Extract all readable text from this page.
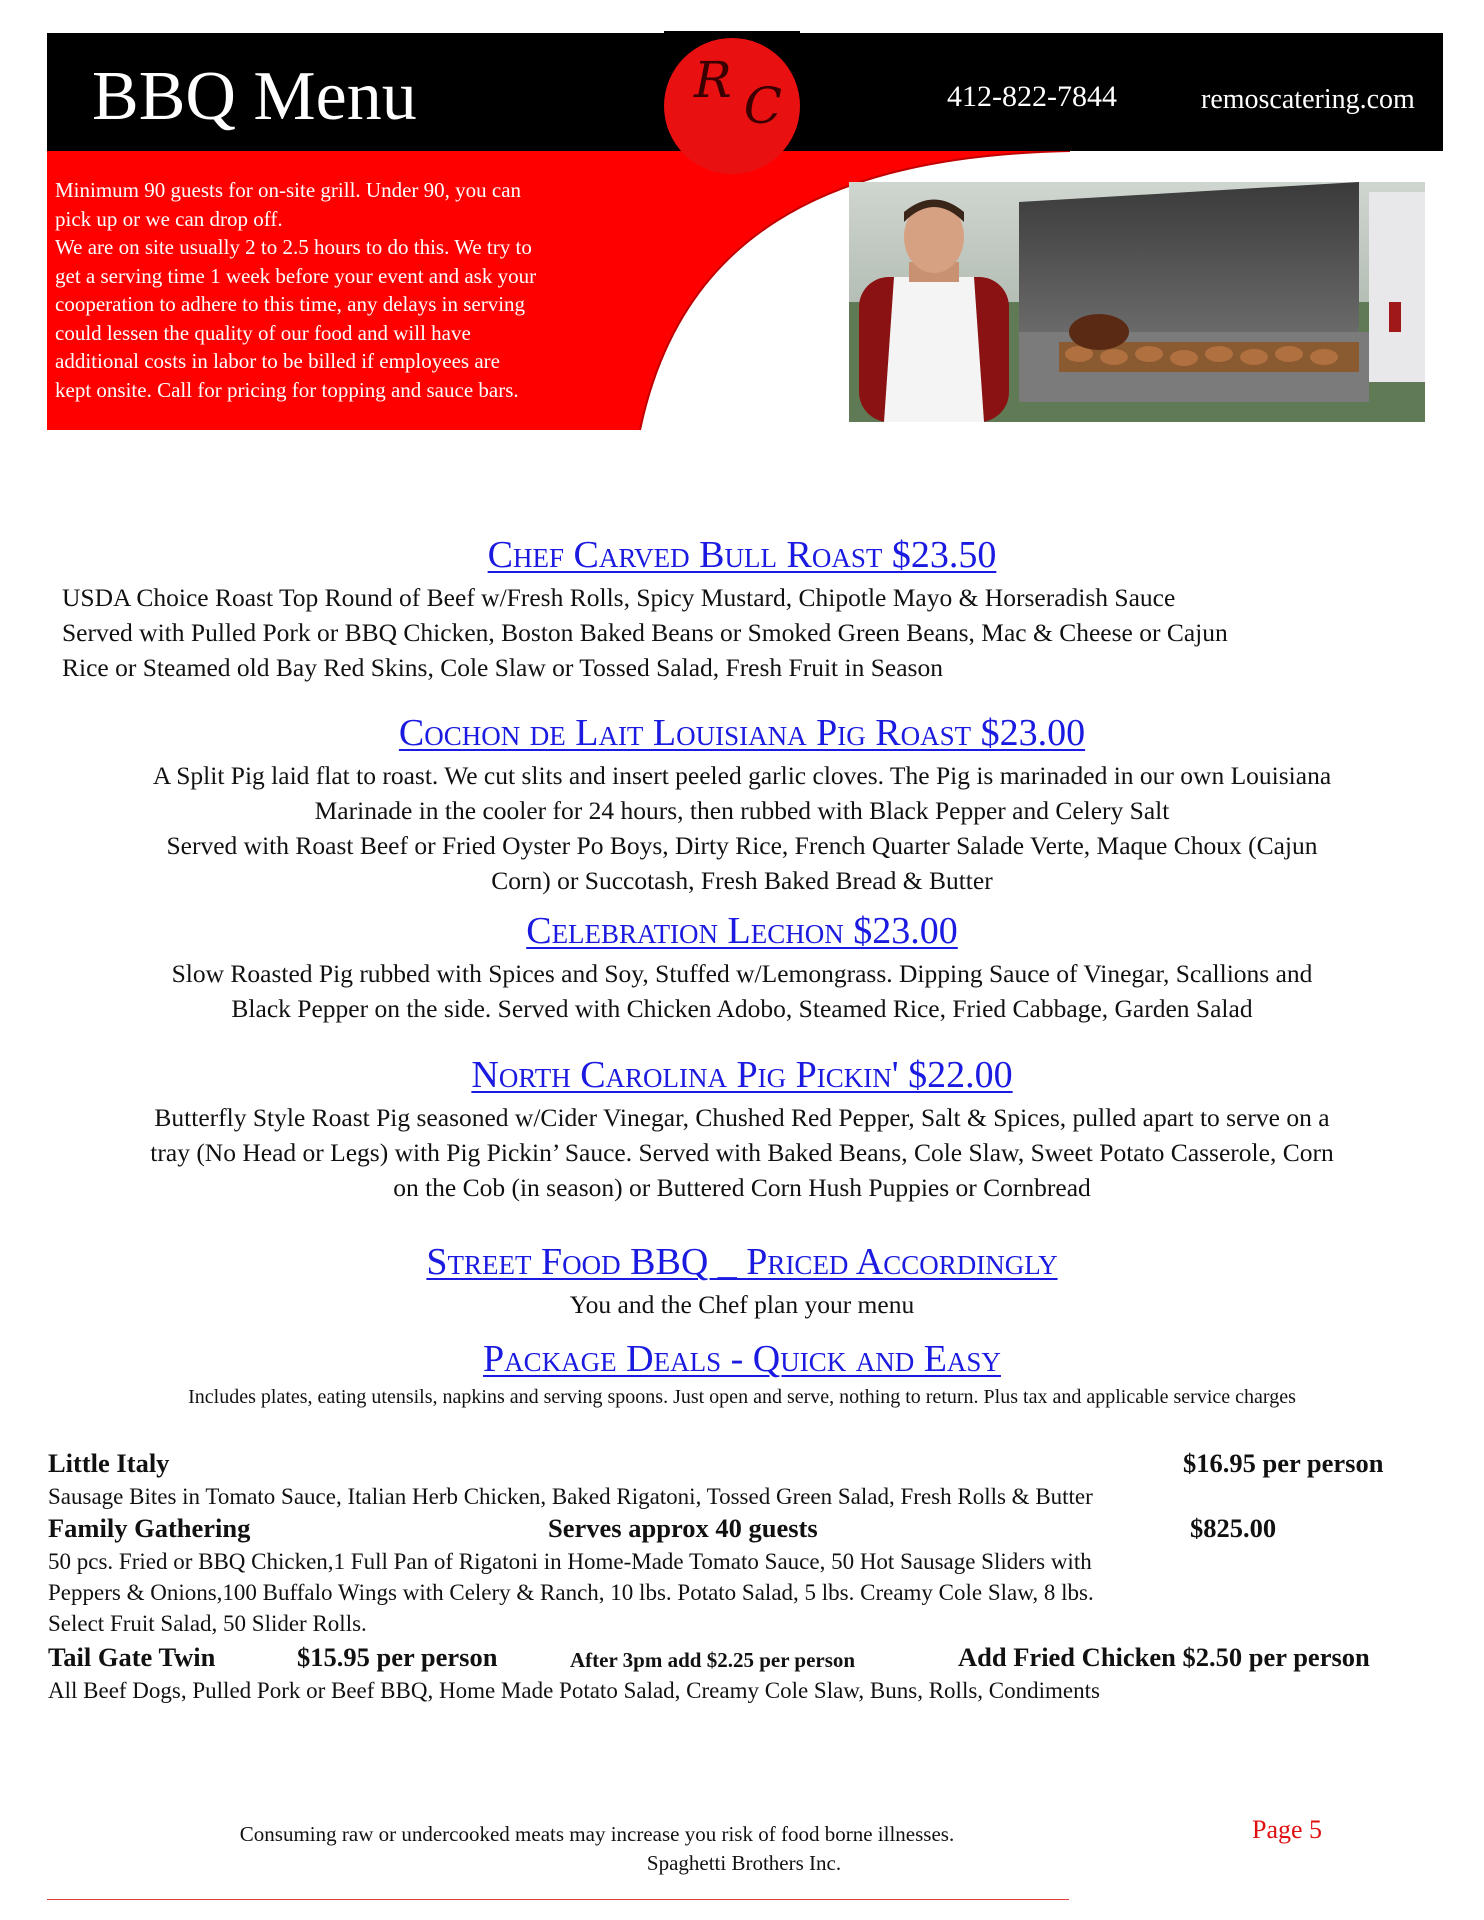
BBQ Menu	R C	412-822-7844	remoscatering.com
Minimum 90 guests for on-site grill. Under 90, you can
pick up or we can drop off.
We are on site usually 2 to 2.5 hours to do this. We try to
get a serving time 1 week before your event and ask your
cooperation to adhere to this time, any delays in serving
could lessen the quality of our food and will have
additional costs in labor to be billed if employees are
kept onsite. Call for pricing for topping and sauce bars.
Chef Carved Bull Roast $23.50
USDA Choice Roast Top Round of Beef w/Fresh Rolls, Spicy Mustard, Chipotle Mayo & Horseradish Sauce
Served with Pulled Pork or BBQ Chicken, Boston Baked Beans or Smoked Green Beans, Mac & Cheese or Cajun
Rice or Steamed old Bay Red Skins, Cole Slaw or Tossed Salad, Fresh Fruit in Season
Cochon de Lait Louisiana Pig Roast $23.00
A Split Pig laid flat to roast. We cut slits and insert peeled garlic cloves. The Pig is marinaded in our own Louisiana
Marinade in the cooler for 24 hours, then rubbed with Black Pepper and Celery Salt
Served with Roast Beef or Fried Oyster Po Boys, Dirty Rice, French Quarter Salade Verte, Maque Choux (Cajun
Corn) or Succotash, Fresh Baked Bread & Butter
Celebration Lechon $23.00
Slow Roasted Pig rubbed with Spices and Soy, Stuffed w/Lemongrass. Dipping Sauce of Vinegar, Scallions and
Black Pepper on the side. Served with Chicken Adobo, Steamed Rice, Fried Cabbage, Garden Salad
North Carolina Pig Pickin' $22.00
Butterfly Style Roast Pig seasoned w/Cider Vinegar, Chushed Red Pepper, Salt & Spices, pulled apart to serve on a
tray (No Head or Legs) with Pig Pickin’ Sauce. Served with Baked Beans, Cole Slaw, Sweet Potato Casserole, Corn
on the Cob (in season) or Buttered Corn Hush Puppies or Cornbread
Street Food BBQ _ Priced Accordingly
You and the Chef plan your menu
Package Deals - Quick and Easy
Includes plates, eating utensils, napkins and serving spoons. Just open and serve, nothing to return. Plus tax and applicable service charges
Little Italy	$16.95 per person
Sausage Bites in Tomato Sauce, Italian Herb Chicken, Baked Rigatoni, Tossed Green Salad, Fresh Rolls & Butter
Family Gathering	Serves approx 40 guests	$825.00
50 pcs. Fried or BBQ Chicken,1 Full Pan of Rigatoni in Home-Made Tomato Sauce, 50 Hot Sausage Sliders with
Peppers & Onions,100 Buffalo Wings with Celery & Ranch, 10 lbs. Potato Salad, 5 lbs. Creamy Cole Slaw, 8 lbs.
Select Fruit Salad, 50 Slider Rolls.
Tail Gate Twin	$15.95 per person	After 3pm add $2.25 per person	Add Fried Chicken $2.50 per person
All Beef Dogs, Pulled Pork or Beef BBQ, Home Made Potato Salad, Creamy Cole Slaw, Buns, Rolls, Condiments
Consuming raw or undercooked meats may increase you risk of food borne illnesses.
Spaghetti Brothers Inc.
Page 5
